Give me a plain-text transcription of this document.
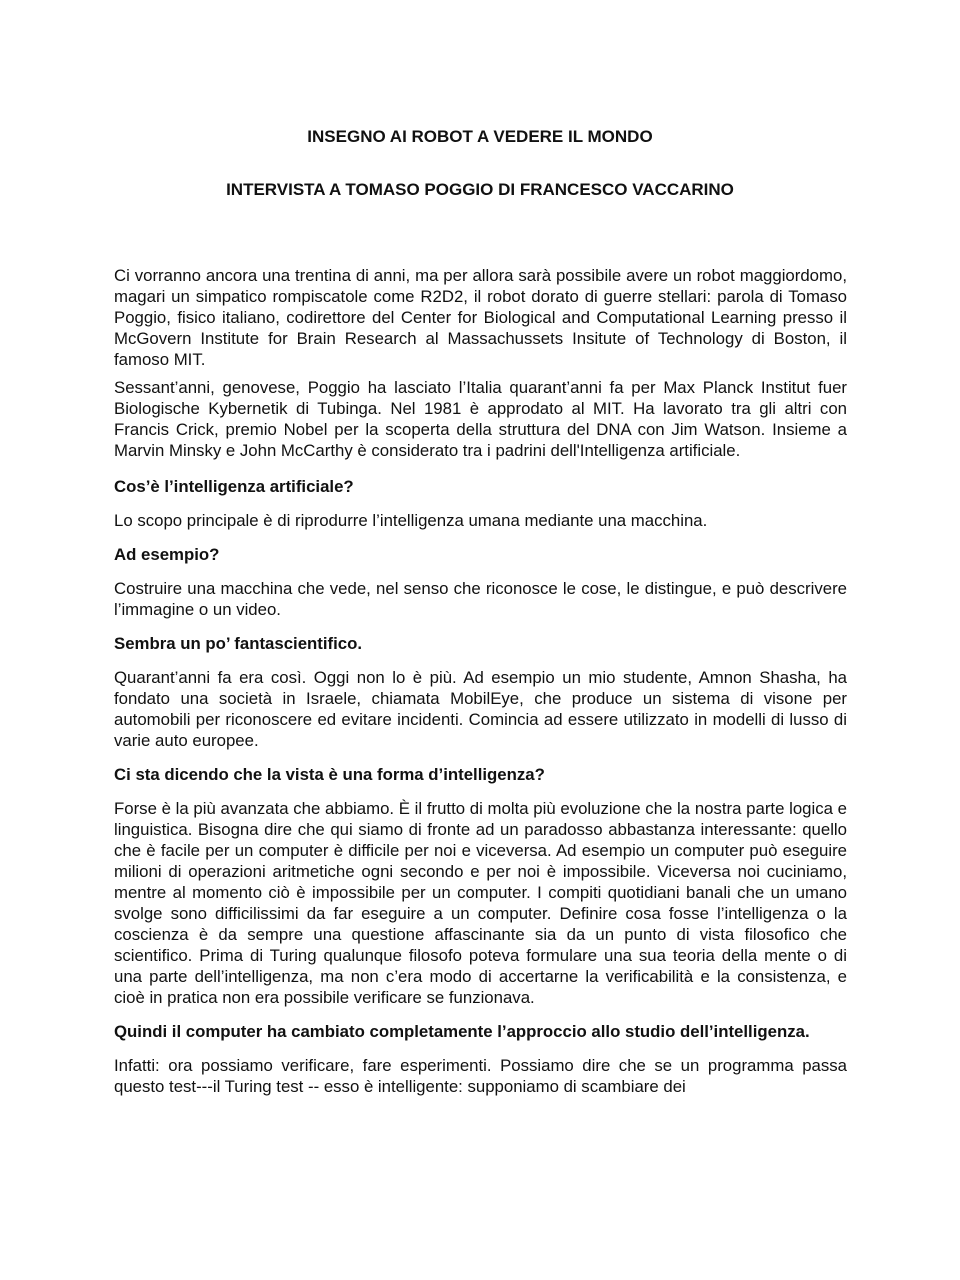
INSEGNO AI ROBOT A VEDERE IL MONDO
INTERVISTA A TOMASO POGGIO DI FRANCESCO VACCARINO

Ci vorranno ancora una trentina di anni, ma per allora sarà possibile avere un robot maggiordomo, magari un simpatico rompiscatole come R2D2, il robot dorato di guerre stellari: parola di Tomaso Poggio, fisico italiano, codirettore del Center for Biological and Computational Learning presso il McGovern Institute for Brain Research al Massachussets Insitute of Technology di Boston, il famoso MIT.

Sessant’anni, genovese, Poggio ha lasciato l’Italia quarant’anni fa per Max Planck Institut fuer Biologische Kybernetik di Tubinga. Nel 1981 è approdato al MIT. Ha lavorato tra gli altri con Francis Crick, premio Nobel per la scoperta della struttura del DNA con Jim Watson. Insieme a Marvin Minsky e John McCarthy è considerato tra i padrini dell'Intelligenza artificiale.

Cos’è l’intelligenza artificiale?

Lo scopo principale è di riprodurre l’intelligenza umana mediante una macchina.

Ad esempio?

Costruire una macchina che vede, nel senso che riconosce le cose, le distingue, e può descrivere l’immagine o un video.

Sembra un po’ fantascientifico.

Quarant’anni fa era così. Oggi non lo è più. Ad esempio un mio studente, Amnon Shasha, ha fondato una società in Israele, chiamata MobilEye, che produce un sistema di visone per automobili per riconoscere ed evitare incidenti. Comincia ad essere utilizzato in modelli di lusso di varie auto europee.

Ci sta dicendo che la vista è una forma d’intelligenza?

Forse è la più avanzata che abbiamo. È il frutto di molta più evoluzione che la nostra parte logica e linguistica. Bisogna dire che qui siamo di fronte ad un paradosso abbastanza interessante: quello che è facile per un computer è difficile per noi e viceversa. Ad esempio un computer può eseguire milioni di operazioni aritmetiche ogni secondo e per noi è impossibile. Viceversa noi cuciniamo, mentre al momento ciò è impossibile per un computer. I compiti quotidiani banali che un umano svolge sono difficilissimi da far eseguire a un computer. Definire cosa fosse l’intelligenza o la coscienza è da sempre una questione affascinante sia da un punto di vista filosofico che scientifico. Prima di Turing qualunque filosofo poteva formulare una sua teoria della mente o di una parte dell’intelligenza, ma non c’era modo di accertarne la verificabilità e la consistenza, e cioè in pratica non era possibile verificare se funzionava.

Quindi il computer ha cambiato completamente l’approccio allo studio dell’intelligenza.

Infatti: ora possiamo verificare, fare esperimenti. Possiamo dire che se un programma passa questo test---il Turing test -- esso è intelligente: supponiamo di scambiare dei
